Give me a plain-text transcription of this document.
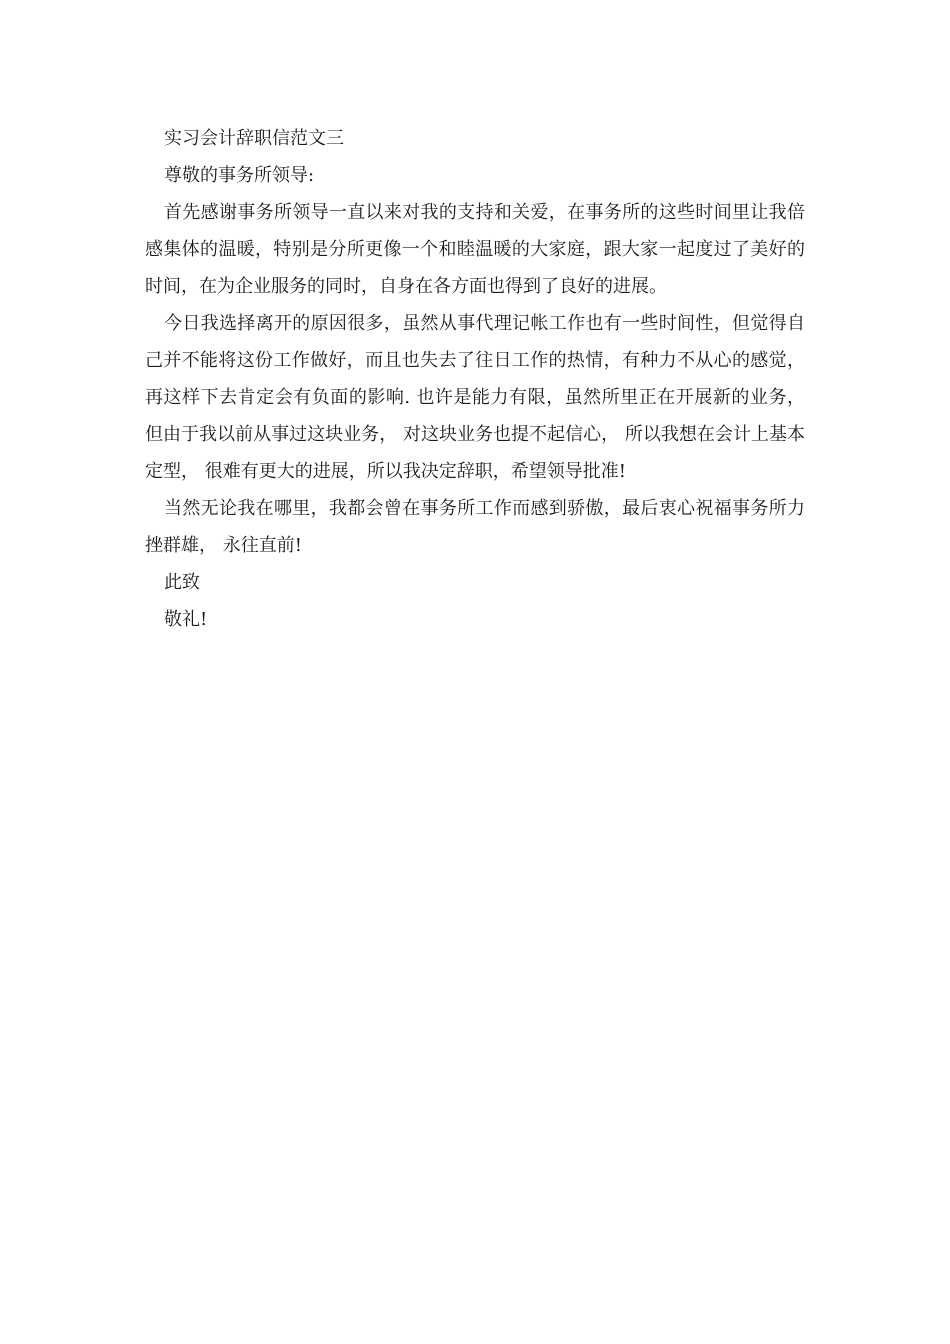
实习会计辞职信范文三

尊敬的事务所领导:

首先感谢事务所领导一直以来对我的支持和关爱，在事务所的这些时间里让我倍感集体的温暖，特别是分所更像一个和睦温暖的大家庭，跟大家一起度过了美好的时间，在为企业服务的同时，自身在各方面也得到了良好的进展。

今日我选择离开的原因很多，虽然从事代理记帐工作也有一些时间性，但觉得自己并不能将这份工作做好，而且也失去了往日工作的热情，有种力不从心的感觉，再这样下去肯定会有负面的影响. 也许是能力有限，虽然所里正在开展新的业务， 但由于我以前从事过这块业务， 对这块业务也提不起信心， 所以我想在会计上基本定型， 很难有更大的进展，所以我决定辞职，希望领导批准!

当然无论我在哪里，我都会曾在事务所工作而感到骄傲，最后衷心祝福事务所力挫群雄， 永往直前!

此致

敬礼!
